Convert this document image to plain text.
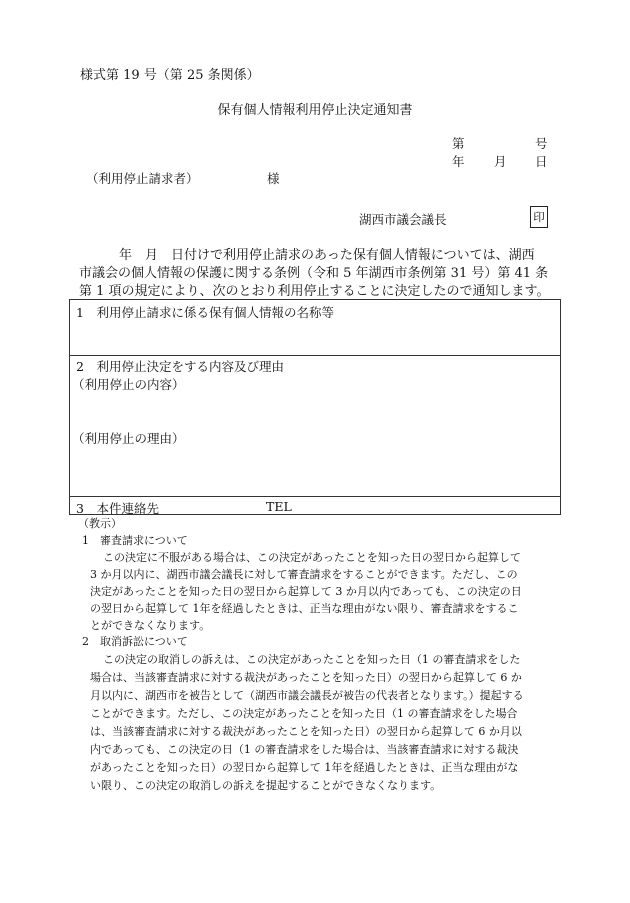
様式第 19 号（第 25 条関係）
保有個人情報利用停止決定通知書
第	号
年 月 日
（利用停止請求者）	様
湖西市議会議長	印
年　月　日付けで利用停止請求のあった保有個人情報については、湖西
市議会の個人情報の保護に関する条例（令和 5 年湖西市条例第 31 号）第 41 条
第 1 項の規定により、次のとおり利用停止することに決定したので通知します。
1　利用停止請求に係る保有個人情報の名称等
2　利用停止決定をする内容及び理由
（利用停止の内容）
（利用停止の理由）
3　本件連絡先	TEL
（教示）
1　審査請求について
この決定に不服がある場合は、この決定があったことを知った日の翌日から起算して
3 か月以内に、湖西市議会議長に対して審査請求をすることができます。ただし、この
決定があったことを知った日の翌日から起算して 3 か月以内であっても、この決定の日
の翌日から起算して 1年を経過したときは、正当な理由がない限り、審査請求をするこ
とができなくなります。
2　取消訴訟について
この決定の取消しの訴えは、この決定があったことを知った日（1 の審査請求をした
場合は、当該審査請求に対する裁決があったことを知った日）の翌日から起算して 6 か
月以内に、湖西市を被告として（湖西市議会議長が被告の代表者となります。）提起する
ことができます。ただし、この決定があったことを知った日（1 の審査請求をした場合
は、当該審査請求に対する裁決があったことを知った日）の翌日から起算して 6 か月以
内であっても、この決定の日（1 の審査請求をした場合は、当該審査請求に対する裁決
があったことを知った日）の翌日から起算して 1年を経過したときは、正当な理由がな
い限り、この決定の取消しの訴えを提起することができなくなります。
